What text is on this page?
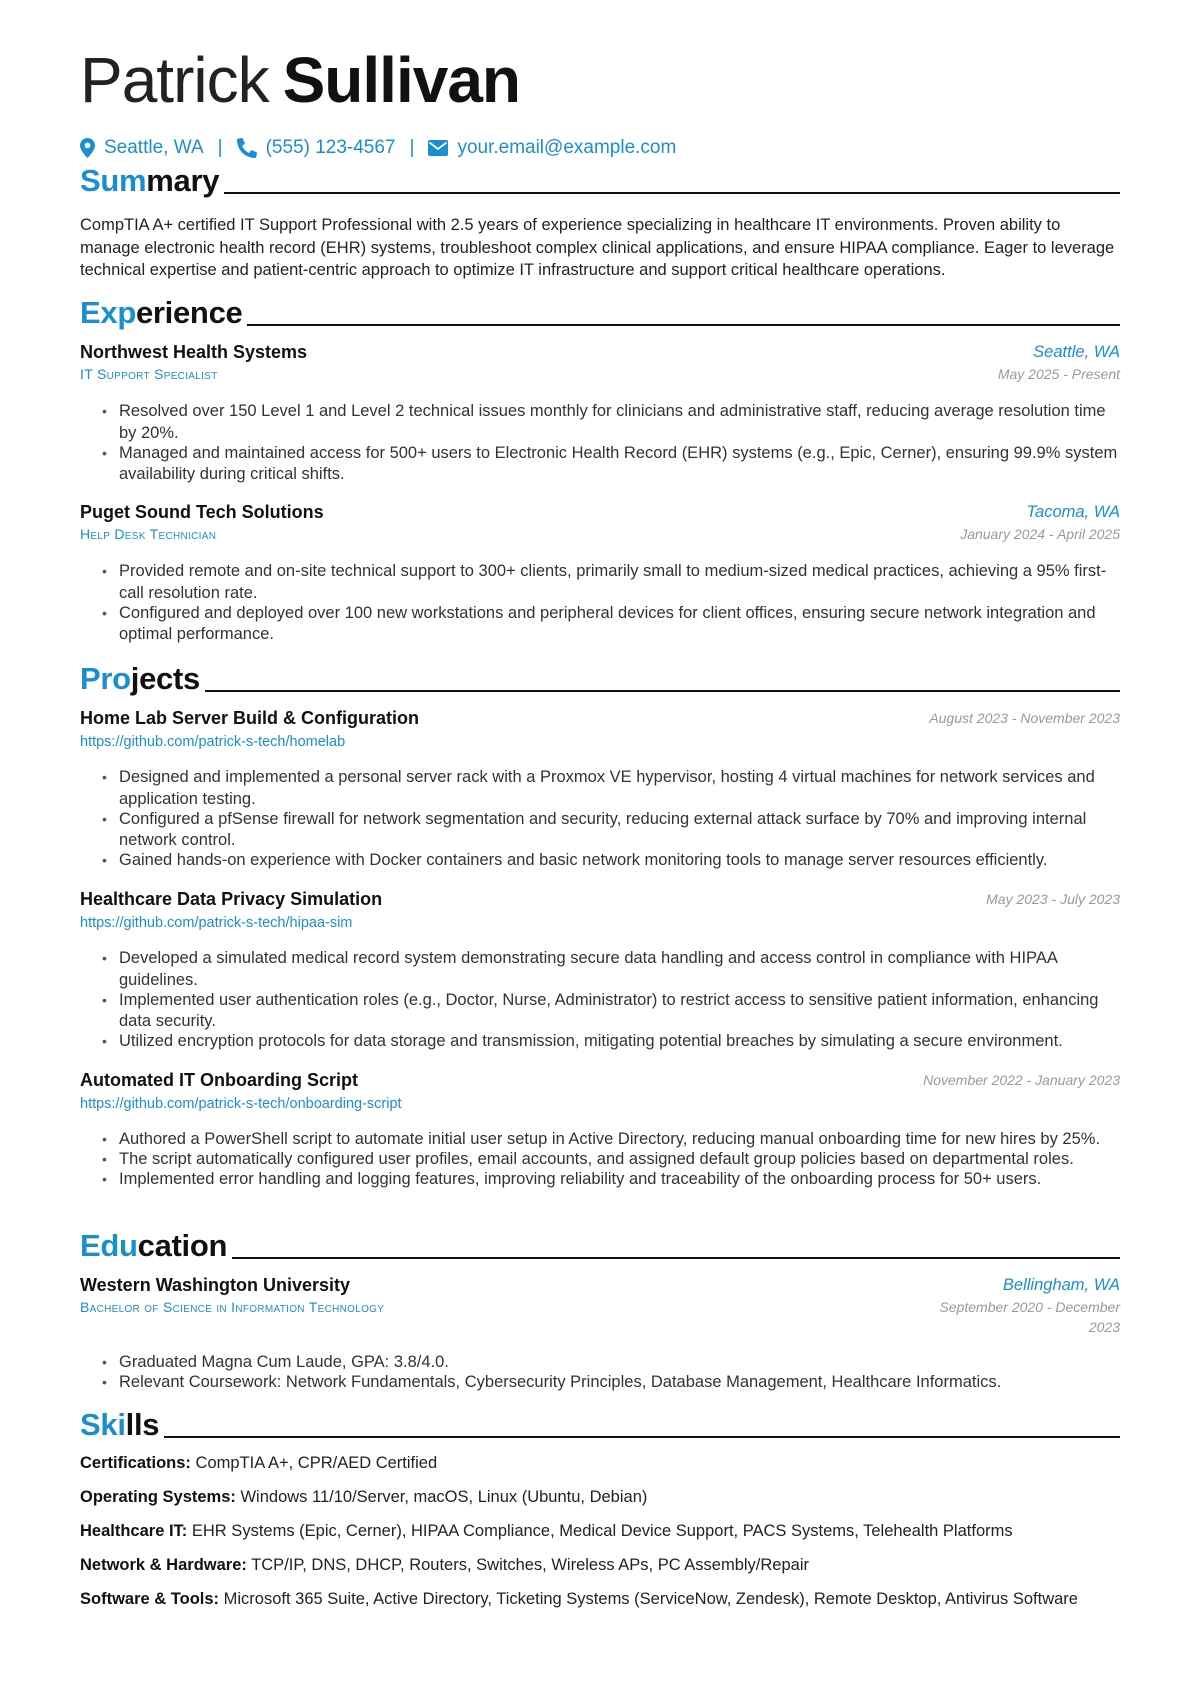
Patrick Sullivan
Seattle, WA | (555) 123-4567 | your.email@example.com
Summary
CompTIA A+ certified IT Support Professional with 2.5 years of experience specializing in healthcare IT environments. Proven ability to manage electronic health record (EHR) systems, troubleshoot complex clinical applications, and ensure HIPAA compliance. Eager to leverage technical expertise and patient-centric approach to optimize IT infrastructure and support critical healthcare operations.
Experience
Northwest Health Systems	Seattle, WA
IT Support Specialist	May 2025 - Present
• Resolved over 150 Level 1 and Level 2 technical issues monthly for clinicians and administrative staff, reducing average resolution time by 20%.
• Managed and maintained access for 500+ users to Electronic Health Record (EHR) systems (e.g., Epic, Cerner), ensuring 99.9% system availability during critical shifts.
Puget Sound Tech Solutions	Tacoma, WA
Help Desk Technician	January 2024 - April 2025
• Provided remote and on-site technical support to 300+ clients, primarily small to medium-sized medical practices, achieving a 95% first-call resolution rate.
• Configured and deployed over 100 new workstations and peripheral devices for client offices, ensuring secure network integration and optimal performance.
Projects
Home Lab Server Build & Configuration	August 2023 - November 2023
https://github.com/patrick-s-tech/homelab
• Designed and implemented a personal server rack with a Proxmox VE hypervisor, hosting 4 virtual machines for network services and application testing.
• Configured a pfSense firewall for network segmentation and security, reducing external attack surface by 70% and improving internal network control.
• Gained hands-on experience with Docker containers and basic network monitoring tools to manage server resources efficiently.
Healthcare Data Privacy Simulation	May 2023 - July 2023
https://github.com/patrick-s-tech/hipaa-sim
• Developed a simulated medical record system demonstrating secure data handling and access control in compliance with HIPAA guidelines.
• Implemented user authentication roles (e.g., Doctor, Nurse, Administrator) to restrict access to sensitive patient information, enhancing data security.
• Utilized encryption protocols for data storage and transmission, mitigating potential breaches by simulating a secure environment.
Automated IT Onboarding Script	November 2022 - January 2023
https://github.com/patrick-s-tech/onboarding-script
• Authored a PowerShell script to automate initial user setup in Active Directory, reducing manual onboarding time for new hires by 25%.
• The script automatically configured user profiles, email accounts, and assigned default group policies based on departmental roles.
• Implemented error handling and logging features, improving reliability and traceability of the onboarding process for 50+ users.
Education
Western Washington University	Bellingham, WA
Bachelor of Science in Information Technology	September 2020 - December
2023
• Graduated Magna Cum Laude, GPA: 3.8/4.0.
• Relevant Coursework: Network Fundamentals, Cybersecurity Principles, Database Management, Healthcare Informatics.
Skills
Certifications: CompTIA A+, CPR/AED Certified
Operating Systems: Windows 11/10/Server, macOS, Linux (Ubuntu, Debian)
Healthcare IT: EHR Systems (Epic, Cerner), HIPAA Compliance, Medical Device Support, PACS Systems, Telehealth Platforms
Network & Hardware: TCP/IP, DNS, DHCP, Routers, Switches, Wireless APs, PC Assembly/Repair
Software & Tools: Microsoft 365 Suite, Active Directory, Ticketing Systems (ServiceNow, Zendesk), Remote Desktop, Antivirus Software
